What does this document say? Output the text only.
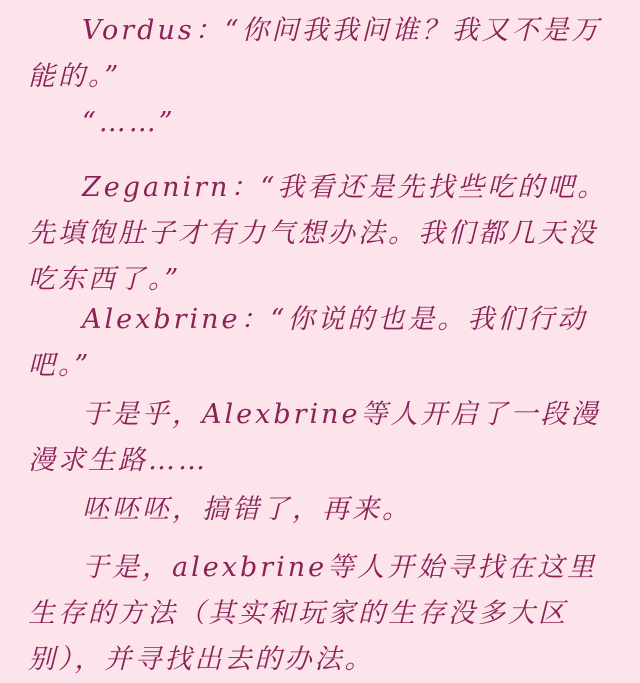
Vordus：“你问我我问谁？我又不是万能的。”
“……”
Zeganirn：“我看还是先找些吃的吧。先填饱肚子才有力气想办法。我们都几天没吃东西了。”
Alexbrine：“你说的也是。我们行动吧。”
于是乎，Alexbrine等人开启了一段漫漫求生路……
呸呸呸，搞错了，再来。
于是，alexbrine等人开始寻找在这里生存的方法（其实和玩家的生存没多大区别），并寻找出去的办法。
